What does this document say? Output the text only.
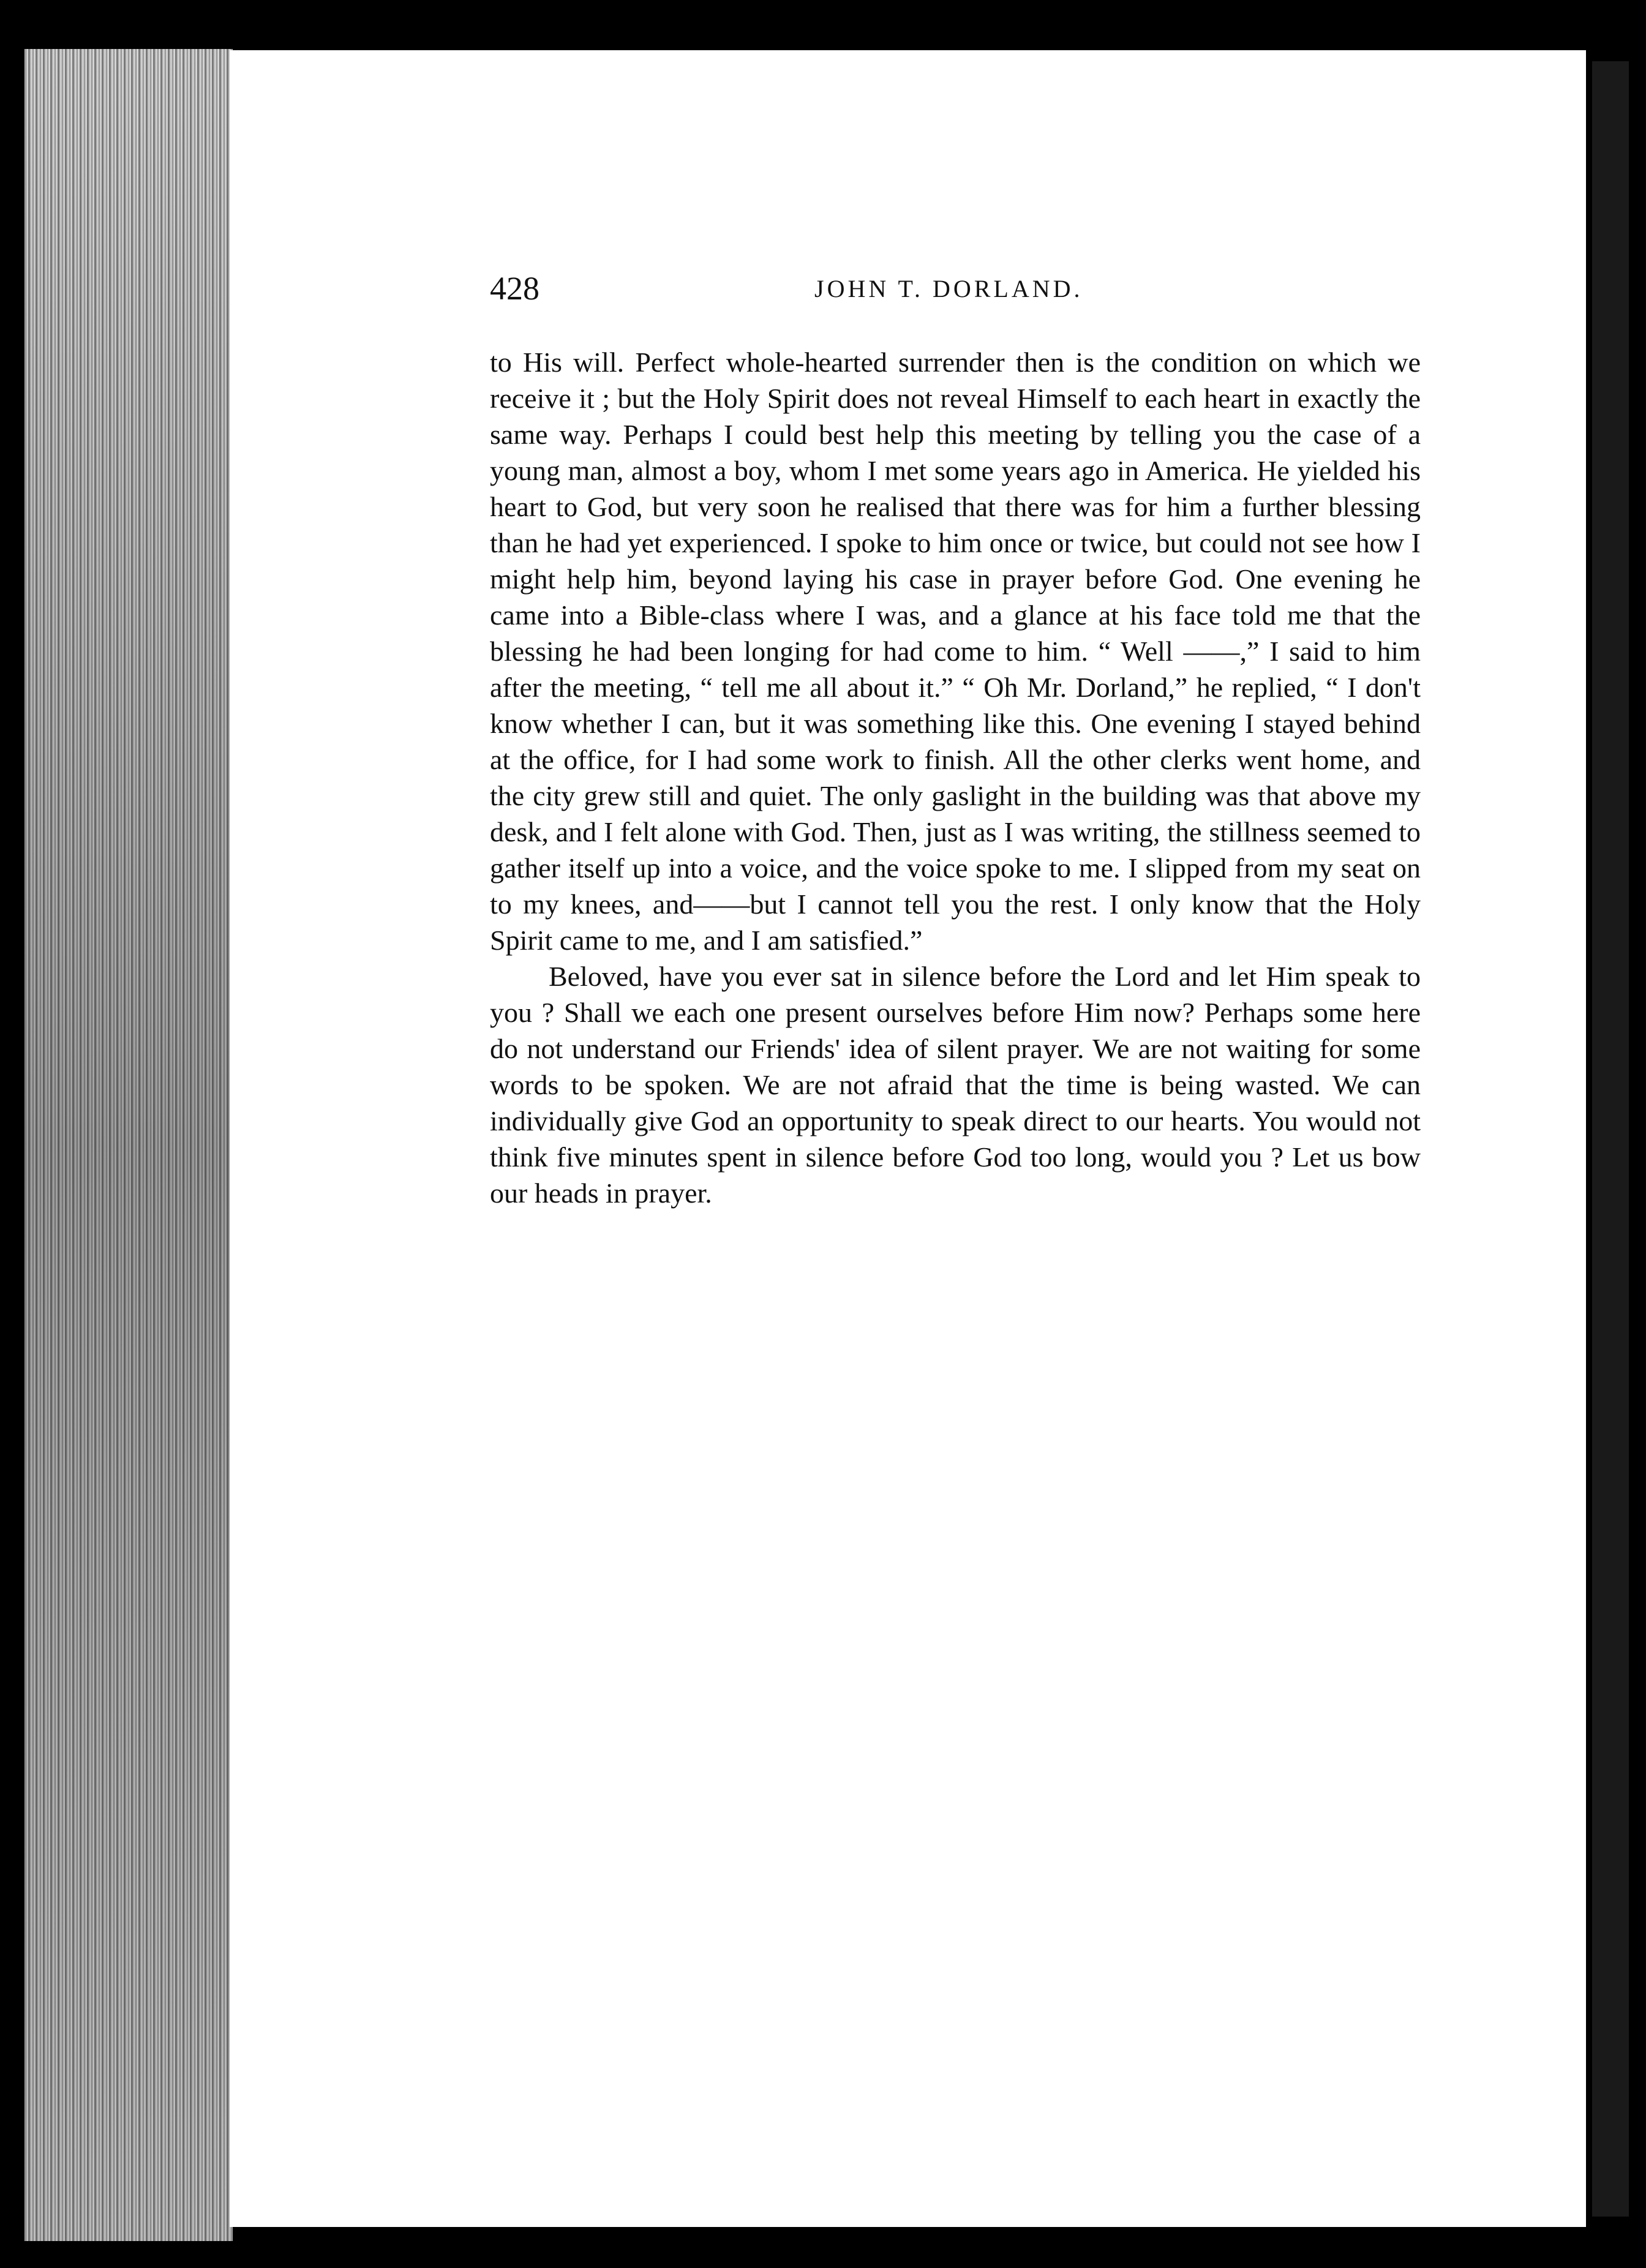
428	JOHN T. DORLAND.

to His will. Perfect whole-hearted surrender then is the condition on which we receive it ; but the Holy Spirit does not reveal Himself to each heart in exactly the same way. Perhaps I could best help this meeting by telling you the case of a young man, almost a boy, whom I met some years ago in America. He yielded his heart to God, but very soon he realised that there was for him a further blessing than he had yet experienced. I spoke to him once or twice, but could not see how I might help him, beyond laying his case in prayer before God. One evening he came into a Bible-class where I was, and a glance at his face told me that the blessing he had been longing for had come to him. “ Well ——,” I said to him after the meeting, “ tell me all about it.” “ Oh Mr. Dorland,” he replied, “ I don't know whether I can, but it was something like this. One evening I stayed behind at the office, for I had some work to finish. All the other clerks went home, and the city grew still and quiet. The only gaslight in the building was that above my desk, and I felt alone with God. Then, just as I was writing, the stillness seemed to gather itself up into a voice, and the voice spoke to me. I slipped from my seat on to my knees, and——but I cannot tell you the rest. I only know that the Holy Spirit came to me, and I am satisfied.”

Beloved, have you ever sat in silence before the Lord and let Him speak to you ? Shall we each one present ourselves before Him now? Perhaps some here do not understand our Friends' idea of silent prayer. We are not waiting for some words to be spoken. We are not afraid that the time is being wasted. We can individually give God an opportunity to speak direct to our hearts. You would not think five minutes spent in silence before God too long, would you ? Let us bow our heads in prayer.
